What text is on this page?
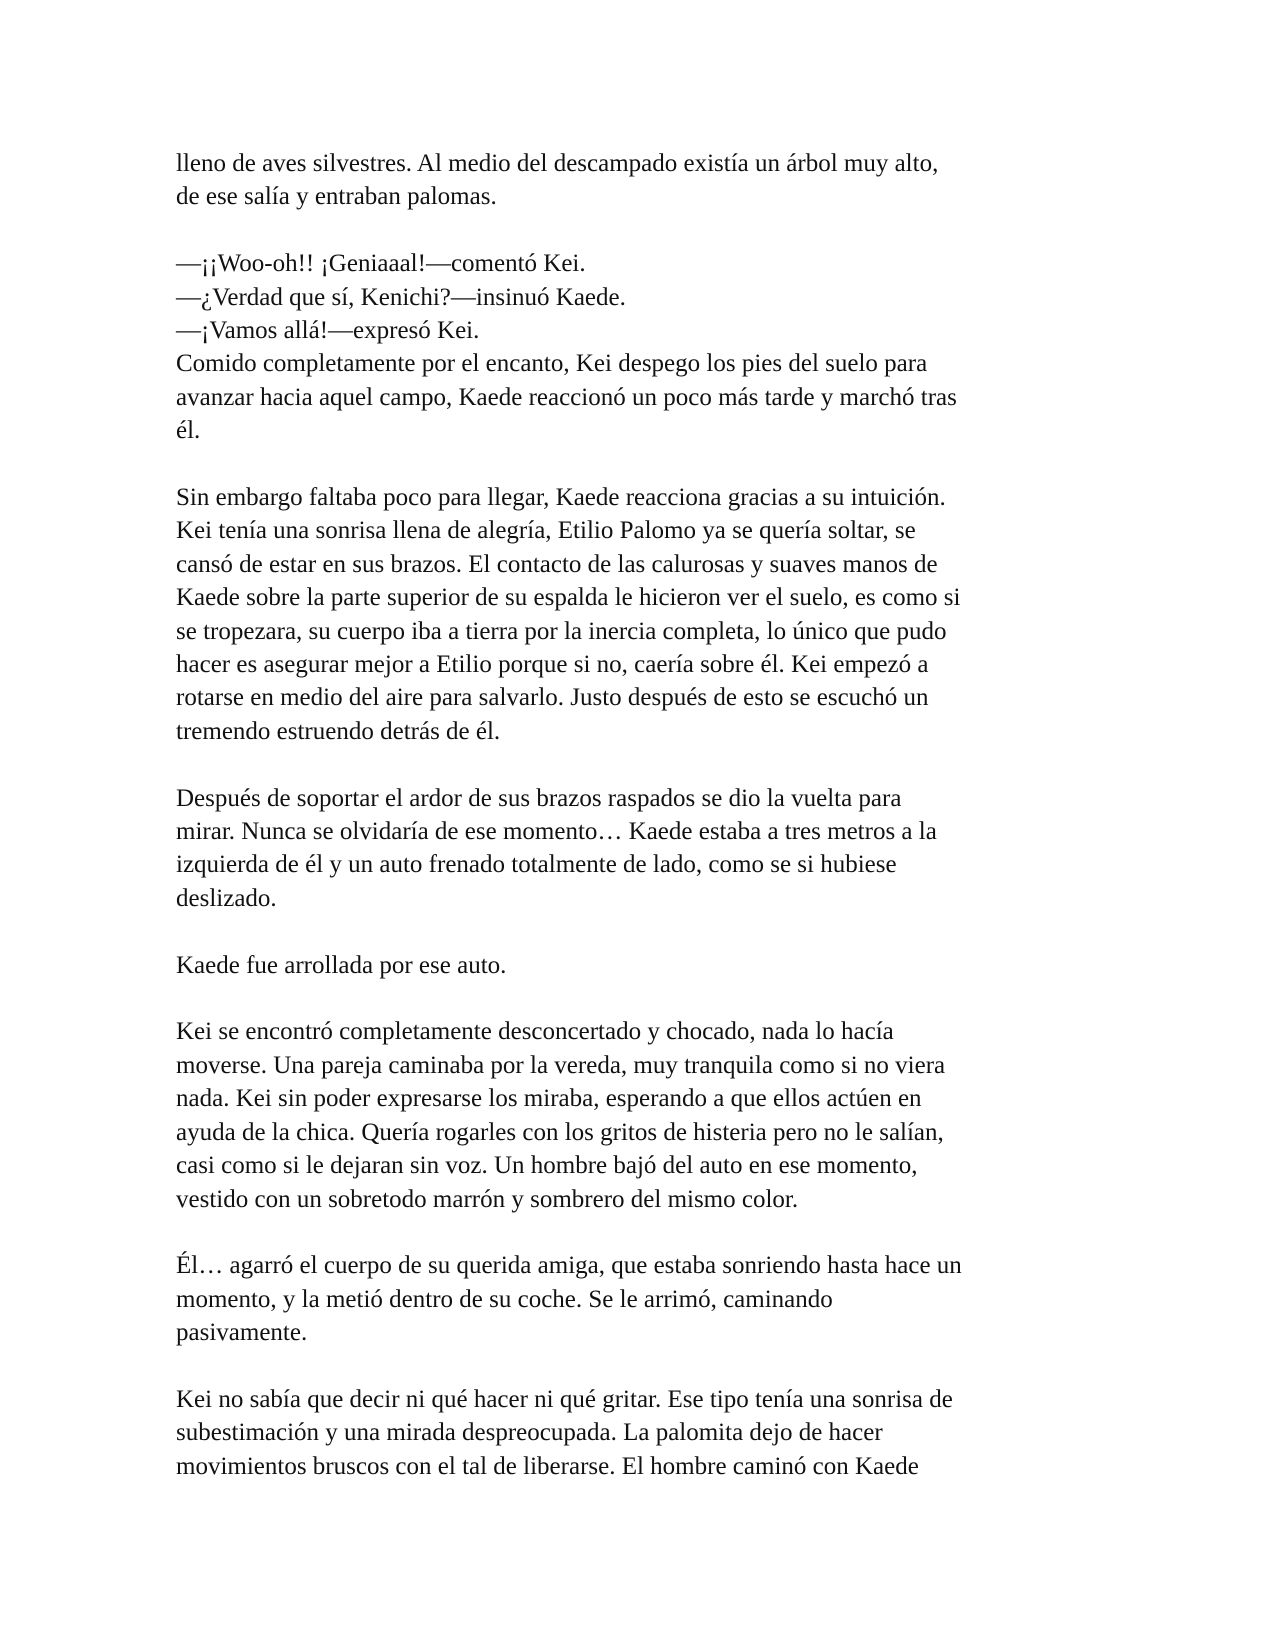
lleno de aves silvestres. Al medio del descampado existía un árbol muy alto,
de ese salía y entraban palomas.
—¡¡Woo-oh!! ¡Geniaaal!—comentó Kei.
—¿Verdad que sí, Kenichi?—insinuó Kaede.
—¡Vamos allá!—expresó Kei.
Comido completamente por el encanto, Kei despego los pies del suelo para
avanzar hacia aquel campo, Kaede reaccionó un poco más tarde y marchó tras
él.
Sin embargo faltaba poco para llegar, Kaede reacciona gracias a su intuición.
Kei tenía una sonrisa llena de alegría, Etilio Palomo ya se quería soltar, se
cansó de estar en sus brazos. El contacto de las calurosas y suaves manos de
Kaede sobre la parte superior de su espalda le hicieron ver el suelo, es como si
se tropezara, su cuerpo iba a tierra por la inercia completa, lo único que pudo
hacer es asegurar mejor a Etilio porque si no, caería sobre él. Kei empezó a
rotarse en medio del aire para salvarlo. Justo después de esto se escuchó un
tremendo estruendo detrás de él.
Después de soportar el ardor de sus brazos raspados se dio la vuelta para
mirar. Nunca se olvidaría de ese momento… Kaede estaba a tres metros a la
izquierda de él y un auto frenado totalmente de lado, como se si hubiese
deslizado.
Kaede fue arrollada por ese auto.
Kei se encontró completamente desconcertado y chocado, nada lo hacía
moverse. Una pareja caminaba por la vereda, muy tranquila como si no viera
nada. Kei sin poder expresarse los miraba, esperando a que ellos actúen en
ayuda de la chica. Quería rogarles con los gritos de histeria pero no le salían,
casi como si le dejaran sin voz. Un hombre bajó del auto en ese momento,
vestido con un sobretodo marrón y sombrero del mismo color.
Él… agarró el cuerpo de su querida amiga, que estaba sonriendo hasta hace un
momento, y la metió dentro de su coche. Se le arrimó, caminando
pasivamente.
Kei no sabía que decir ni qué hacer ni qué gritar. Ese tipo tenía una sonrisa de
subestimación y una mirada despreocupada. La palomita dejo de hacer
movimientos bruscos con el tal de liberarse. El hombre caminó con Kaede
